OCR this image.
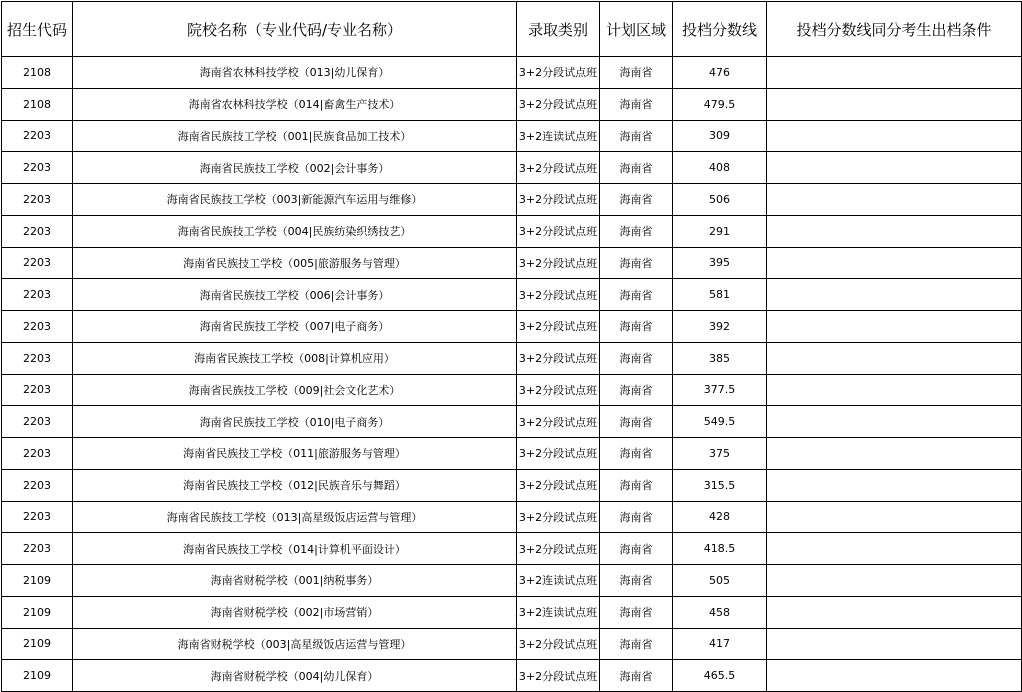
招生代码	院校名称（专业代码/专业名称）	录取类别	计划区域	投档分数线	投档分数线同分考生出档条件
2108	海南省农林科技学校（013|幼儿保育）	3+2分段试点班	海南省	476	
2108	海南省农林科技学校（014|畜禽生产技术）	3+2分段试点班	海南省	479.5	
2203	海南省民族技工学校（001|民族食品加工技术）	3+2连读试点班	海南省	309	
2203	海南省民族技工学校（002|会计事务）	3+2分段试点班	海南省	408	
2203	海南省民族技工学校（003|新能源汽车运用与维修）	3+2分段试点班	海南省	506	
2203	海南省民族技工学校（004|民族纺染织绣技艺）	3+2分段试点班	海南省	291	
2203	海南省民族技工学校（005|旅游服务与管理）	3+2分段试点班	海南省	395	
2203	海南省民族技工学校（006|会计事务）	3+2分段试点班	海南省	581	
2203	海南省民族技工学校（007|电子商务）	3+2分段试点班	海南省	392	
2203	海南省民族技工学校（008|计算机应用）	3+2分段试点班	海南省	385	
2203	海南省民族技工学校（009|社会文化艺术）	3+2分段试点班	海南省	377.5	
2203	海南省民族技工学校（010|电子商务）	3+2分段试点班	海南省	549.5	
2203	海南省民族技工学校（011|旅游服务与管理）	3+2分段试点班	海南省	375	
2203	海南省民族技工学校（012|民族音乐与舞蹈）	3+2分段试点班	海南省	315.5	
2203	海南省民族技工学校（013|高星级饭店运营与管理）	3+2分段试点班	海南省	428	
2203	海南省民族技工学校（014|计算机平面设计）	3+2分段试点班	海南省	418.5	
2109	海南省财税学校（001|纳税事务）	3+2连读试点班	海南省	505	
2109	海南省财税学校（002|市场营销）	3+2连读试点班	海南省	458	
2109	海南省财税学校（003|高星级饭店运营与管理）	3+2分段试点班	海南省	417	
2109	海南省财税学校（004|幼儿保育）	3+2分段试点班	海南省	465.5	
